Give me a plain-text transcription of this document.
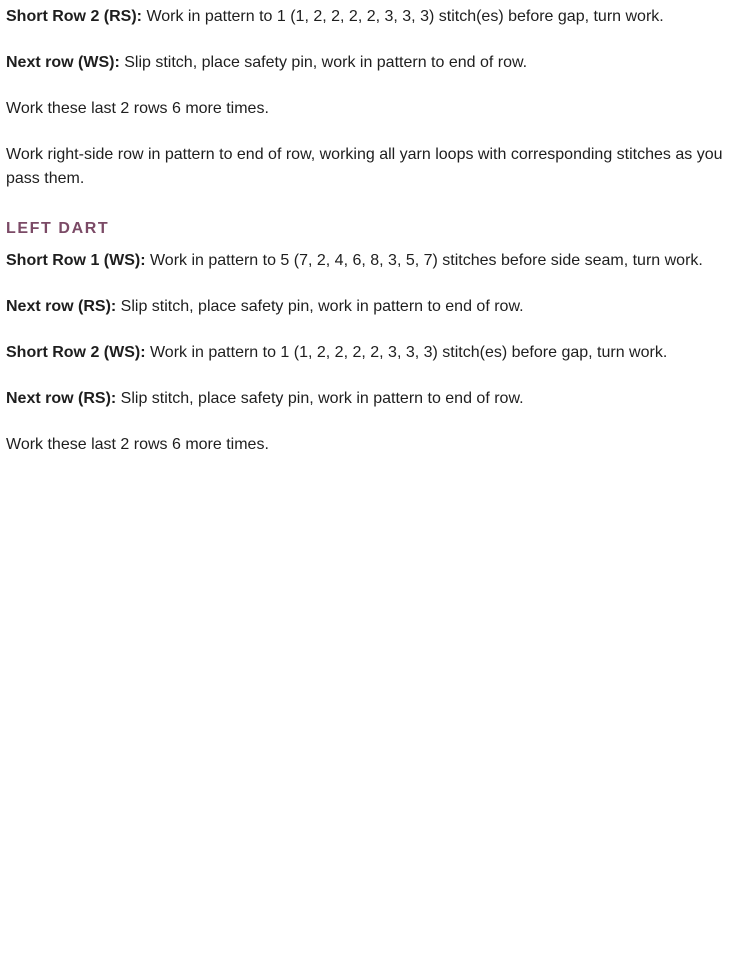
Short Row 2 (RS): Work in pattern to 1 (1, 2, 2, 2, 2, 3, 3, 3) stitch(es) before gap, turn work.

Next row (WS): Slip stitch, place safety pin, work in pattern to end of row.

Work these last 2 rows 6 more times.

Work right-side row in pattern to end of row, working all yarn loops with corresponding stitches as you pass them.

LEFT DART

Short Row 1 (WS): Work in pattern to 5 (7, 2, 4, 6, 8, 3, 5, 7) stitches before side seam, turn work.

Next row (RS): Slip stitch, place safety pin, work in pattern to end of row.

Short Row 2 (WS): Work in pattern to 1 (1, 2, 2, 2, 2, 3, 3, 3) stitch(es) before gap, turn work.

Next row (RS): Slip stitch, place safety pin, work in pattern to end of row.

Work these last 2 rows 6 more times.
